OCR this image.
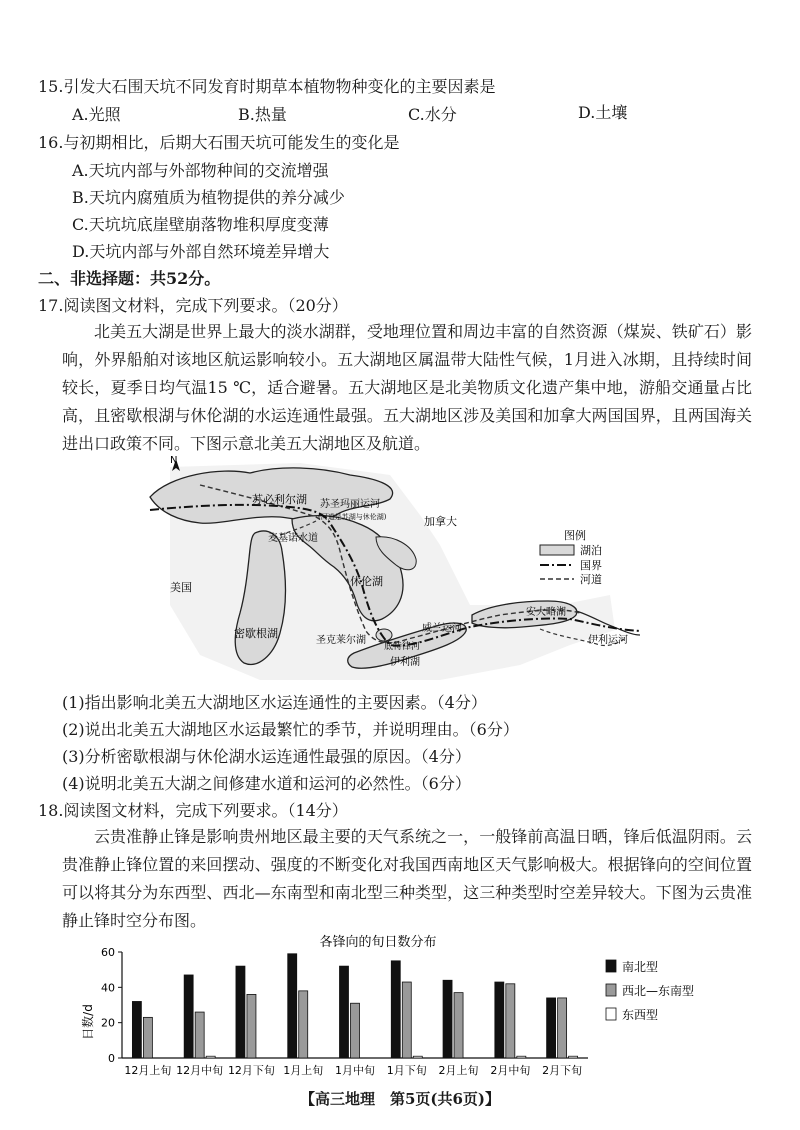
15.引发大石围天坑不同发育时期草本植物物种变化的主要因素是
A.光照	B.热量	C.水分	D.土壤
16.与初期相比，后期大石围天坑可能发生的变化是
A.天坑内部与外部物种间的交流增强
B.天坑内腐殖质为植物提供的养分减少
C.天坑坑底崖壁崩落物堆积厚度变薄
D.天坑内部与外部自然环境差异增大
二、非选择题：共52分。
17.阅读图文材料，完成下列要求。（20分）

北美五大湖是世界上最大的淡水湖群，受地理位置和周边丰富的自然资源（煤炭、铁矿石）影响，外界船舶对该地区航运影响较小。五大湖地区属温带大陆性气候，1月进入冰期，且持续时间较长，夏季日均气温15 ℃，适合避暑。五大湖地区是北美物质文化遗产集中地，游船交通量占比高，且密歇根湖与休伦湖的水运连通性最强。五大湖地区涉及美国和加拿大两国国界，且两国海关进出口政策不同。下图示意北美五大湖地区及航道。

N
苏必利尔湖 苏圣玛丽运河
(河道是苏湖与休伦湖)	加拿大
麦基诺水道
美国	休伦湖
密歇根湖
圣克莱尔湖
威兰运河
底特律河
安大略湖
伊利湖
伊利运河
图例
湖泊
国界
河道
(1)指出影响北美五大湖地区水运连通性的主要因素。（4分）
(2)说出北美五大湖地区水运最繁忙的季节，并说明理由。（6分）
(3)分析密歇根湖与休伦湖水运连通性最强的原因。（4分）
(4)说明北美五大湖之间修建水道和运河的必然性。（6分）
18.阅读图文材料，完成下列要求。（14分）

云贵准静止锋是影响贵州地区最主要的天气系统之一，一般锋前高温日晒，锋后低温阴雨。云贵准静止锋位置的来回摆动、强度的不断变化对我国西南地区天气影响极大。根据锋向的空间位置可以将其分为东西型、西北—东南型和南北型三种类型，这三种类型时空差异较大。下图为云贵准静止锋时空分布图。

各锋向的旬日数分布
日数/d
0
20
40
60
12月上旬 12月中旬 12月下旬 1月上旬 1月中旬 1月下旬 2月上旬 2月中旬 2月下旬
南北型
西北—东南型
东西型
【高三地理　第5页(共6页)】
